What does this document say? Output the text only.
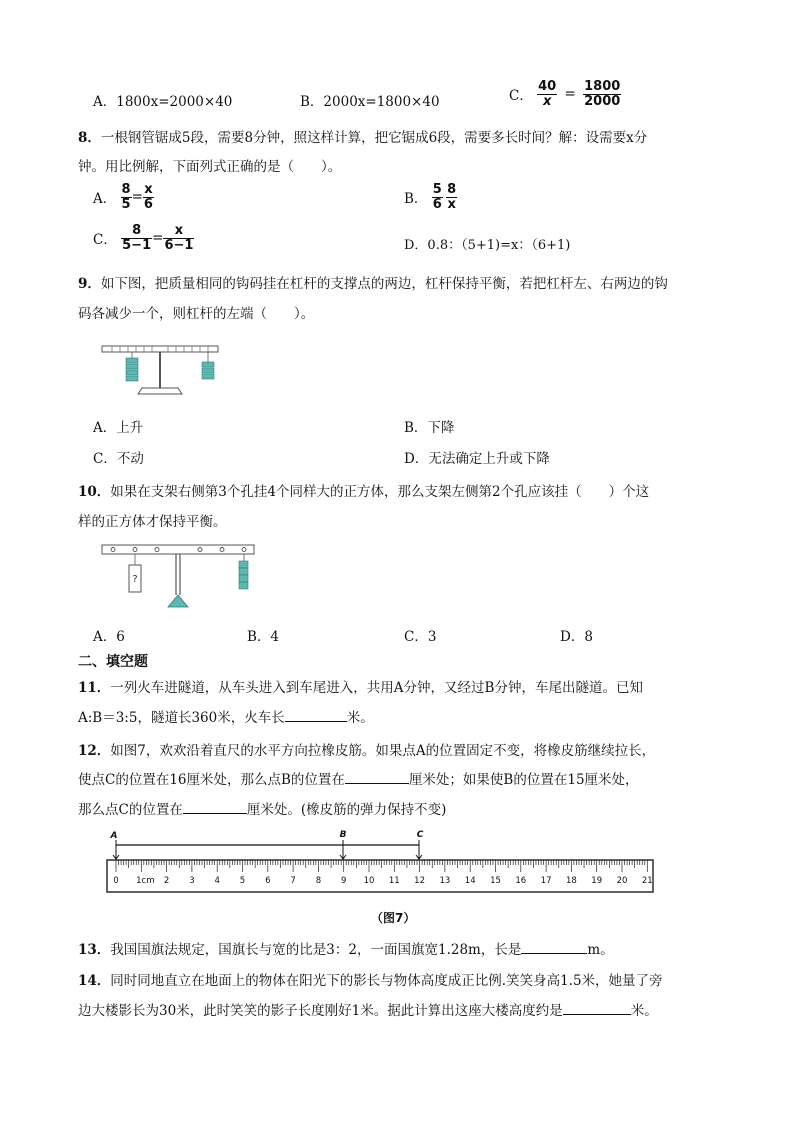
A．1800x=2000×40	B．2000x=1800×40	C． $\frac{40}{x} = \frac{1800}{2000}$
8．一根钢管锯成5段，需要8分钟，照这样计算，把它锯成6段，需要多长时间？解：设需要x分
钟。用比例解，下面列式正确的是（　　）。
A． $\frac{8}{5} = \frac{x}{6}$	B． $\frac{5}{6} = \frac{8}{x}$
C． $\frac{8}{5-1} = \frac{x}{6-1}$	D．0.8：（5+1)=x：（6+1)
9．如下图，把质量相同的钩码挂在杠杆的支撑点的两边，杠杆保持平衡，若把杠杆左、右两边的钩
码各减少一个，则杠杆的左端（　　）。
A．上升	B．下降
C．不动	D．无法确定上升或下降
10．如果在支架右侧第3个孔挂4个同样大的正方体，那么支架左侧第2个孔应该挂（　　）个这
样的正方体才保持平衡。
?
A．6	B．4	C．3	D．8
二、填空题
11．一列火车进隧道，从车头进入到车尾进入，共用A分钟，又经过B分钟，车尾出隧道。已知
A:B＝3:5，隧道长360米，火车长	米。
12．如图7，欢欢沿着直尺的水平方向拉橡皮筋。如果点A的位置固定不变，将橡皮筋继续拉长，
使点C的位置在16厘米处，那么点B的位置在	厘米处；如果使B的位置在15厘米处，
那么点C的位置在	厘米处。(橡皮筋的弹力保持不变)
A	B	C
0 1cm 2 3 4 5 6 7 8 9 10 11 12 13 14 15 16 17 18 19 20 21
（图7）
13．我国国旗法规定，国旗长与宽的比是3：2，一面国旗宽1.28m，长是	m。
14．同时同地直立在地面上的物体在阳光下的影长与物体高度成正比例.笑笑身高1.5米，她量了旁
边大楼影长为30米，此时笑笑的影子长度刚好1米。据此计算出这座大楼高度约是	米。
